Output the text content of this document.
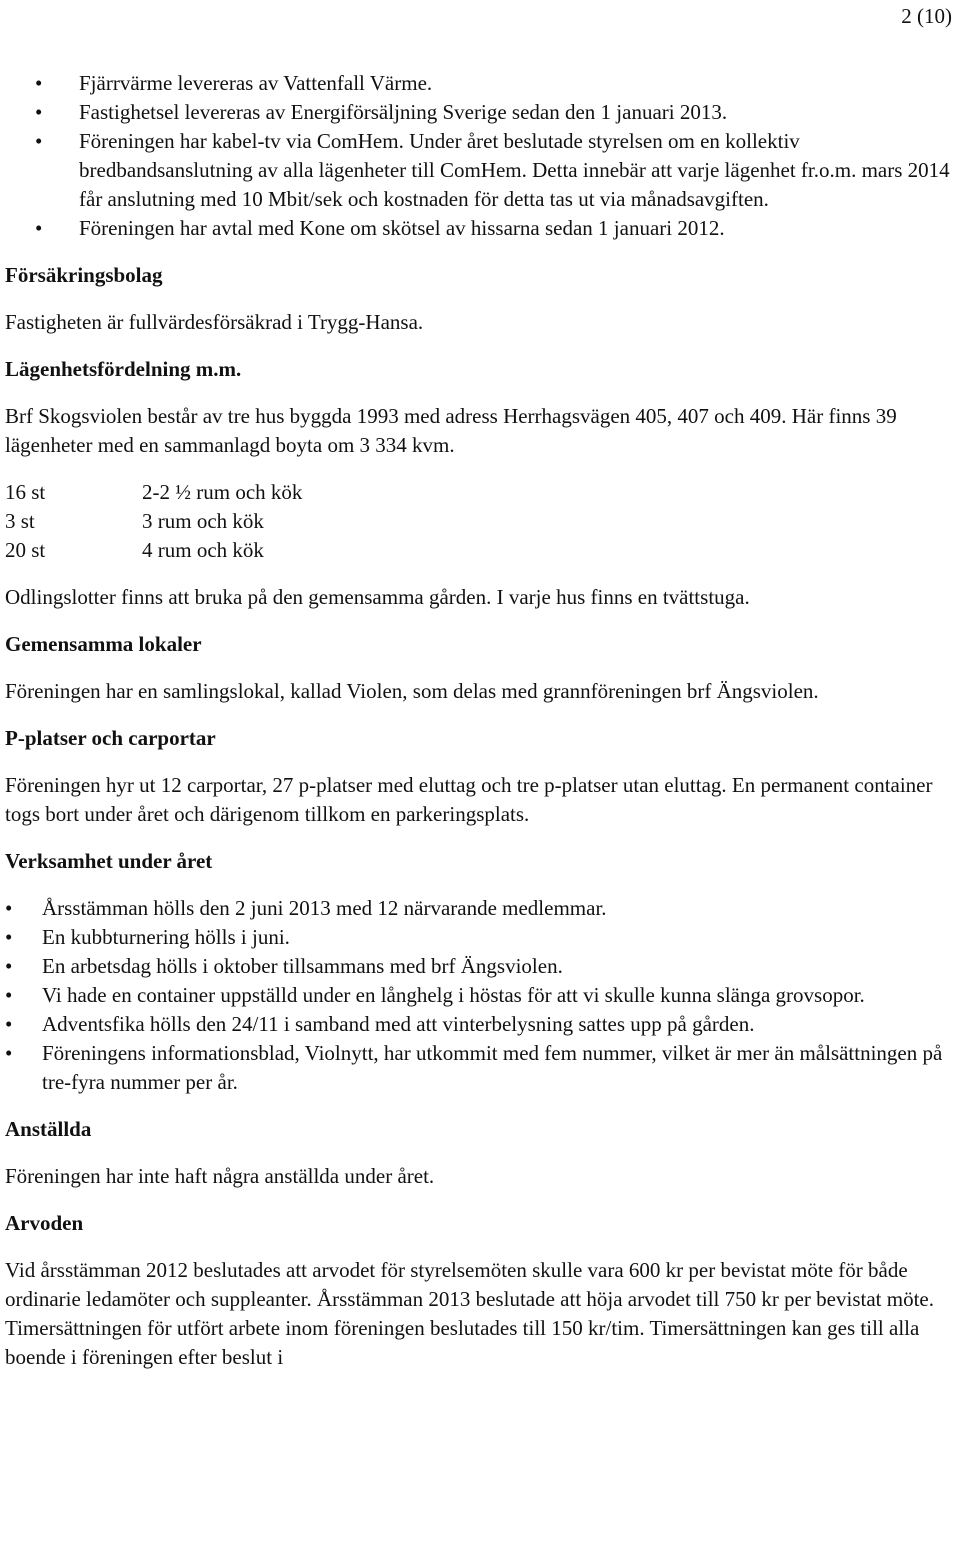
2 (10)
• Fjärrvärme levereras av Vattenfall Värme.
• Fastighetsel levereras av Energiförsäljning Sverige sedan den 1 januari 2013.
• Föreningen har kabel-tv via ComHem. Under året beslutade styrelsen om en kollektiv bredbandsanslutning av alla lägenheter till ComHem. Detta innebär att varje lägenhet fr.o.m. mars 2014 får anslutning med 10 Mbit/sek och kostnaden för detta tas ut via månadsavgiften.
• Föreningen har avtal med Kone om skötsel av hissarna sedan 1 januari 2012.
Försäkringsbolag

Fastigheten är fullvärdesförsäkrad i Trygg-Hansa.

Lägenhetsfördelning m.m.

Brf Skogsviolen består av tre hus byggda 1993 med adress Herrhagsvägen 405, 407 och 409. Här finns 39 lägenheter med en sammanlagd boyta om 3 334 kvm.

16 st	2-2 ½ rum och kök
3 st	3 rum och kök
20 st	4 rum och kök

Odlingslotter finns att bruka på den gemensamma gården. I varje hus finns en tvättstuga.

Gemensamma lokaler

Föreningen har en samlingslokal, kallad Violen, som delas med grannföreningen brf Ängsviolen.

P-platser och carportar

Föreningen hyr ut 12 carportar, 27 p-platser med eluttag och tre p-platser utan eluttag. En permanent container togs bort under året och därigenom tillkom en parkeringsplats.

Verksamhet under året
• Årsstämman hölls den 2 juni 2013 med 12 närvarande medlemmar.
• En kubbturnering hölls i juni.
• En arbetsdag hölls i oktober tillsammans med brf Ängsviolen.
• Vi hade en container uppställd under en långhelg i höstas för att vi skulle kunna slänga grovsopor.
• Adventsfika hölls den 24/11 i samband med att vinterbelysning sattes upp på gården.
• Föreningens informationsblad, Violnytt, har utkommit med fem nummer, vilket är mer än målsättningen på tre-fyra nummer per år.
Anställda

Föreningen har inte haft några anställda under året.

Arvoden

Vid årsstämman 2012 beslutades att arvodet för styrelsemöten skulle vara 600 kr per bevistat möte för både ordinarie ledamöter och suppleanter. Årsstämman 2013 beslutade att höja arvodet till 750 kr per bevistat möte. Timersättningen för utfört arbete inom föreningen beslutades till 150 kr/tim. Timersättningen kan ges till alla boende i föreningen efter beslut i
